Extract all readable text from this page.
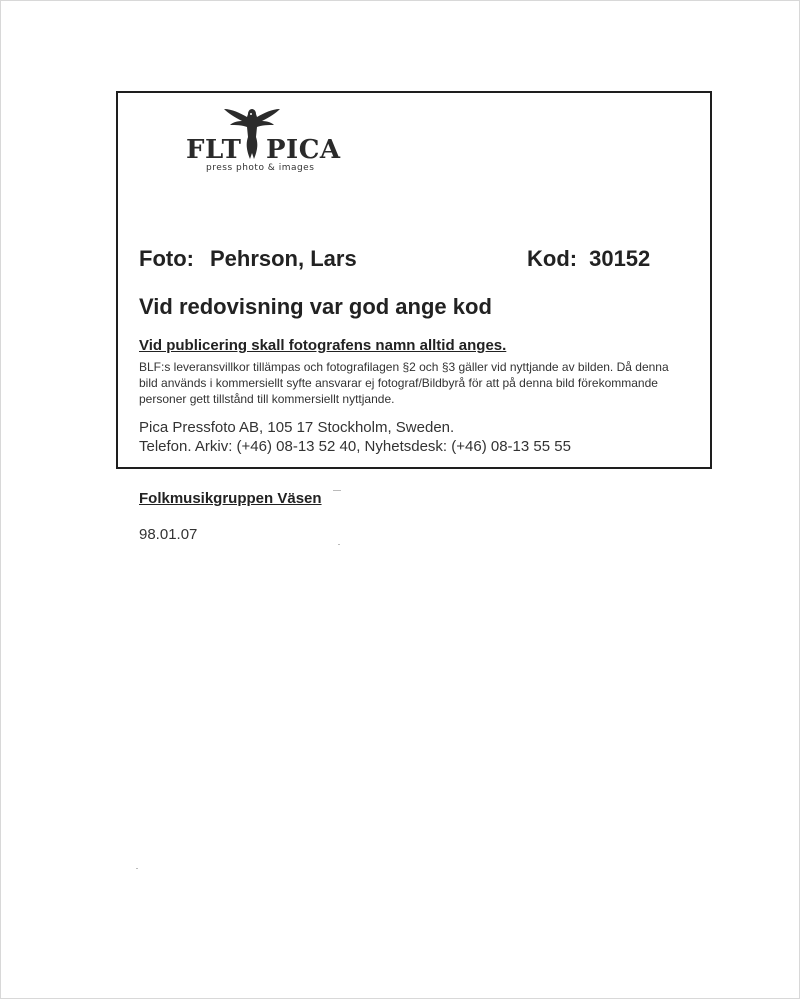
FLT PICA
press photo & images
Foto: Pehrson, Lars	Kod: 30152
Vid redovisning var god ange kod
Vid publicering skall fotografens namn alltid anges.
BLF:s leveransvillkor tillämpas och fotografilagen §2 och §3 gäller vid nyttjande av bilden. Då denna bild används i kommersiellt syfte ansvarar ej fotograf/Bildbyrå för att på denna bild förekommande personer gett tillstånd till kommersiellt nyttjande.
Pica Pressfoto AB, 105 17 Stockholm, Sweden.
Telefon. Arkiv: (+46) 08-13 52 40, Nyhetsdesk: (+46) 08-13 55 55
Folkmusikgruppen Väsen
98.01.07
